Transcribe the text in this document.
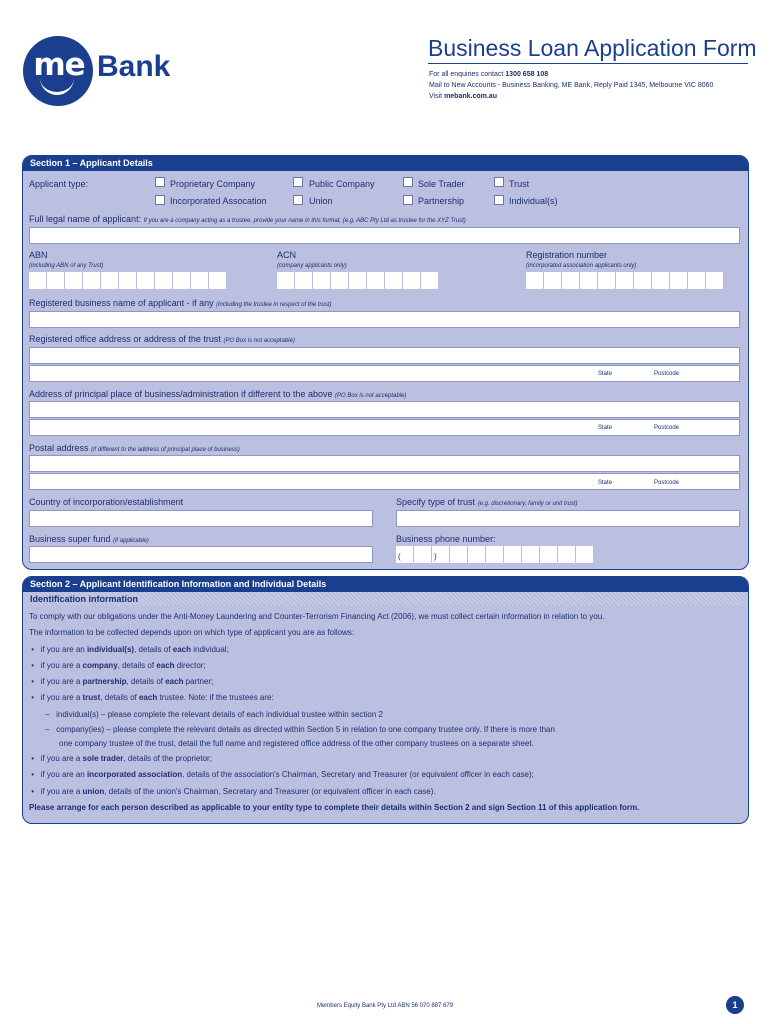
me Bank
Business Loan Application Form
For all enquiries contact 1300 658 108
Mail to New Accounts - Business Banking, ME Bank, Reply Paid 1345, Melbourne VIC 8060
Visit mebank.com.au
Section 1 – Applicant Details
Applicant type:	Proprietary Company	Public Company	Sole Trader	Trust
Incorporated Assocation	Union	Partnership	Individual(s)
Full legal name of applicant: If you are a company acting as a trustee, provide your name in this format, (e.g. ABC Pty Ltd as trustee for the XYZ Trust)
ABN
(including ABN of any Trust)
ACN
(company applicants only)
Registration number
(incorporated association applicants only)
Registered business name of applicant - if any (including the trustee in respect of the trust)
Registered office address or address of the trust (PO Box is not acceptable)
State	Postcode
Address of principal place of business/administration if different to the above (PO Box is not acceptable)
State	Postcode
Postal address (if different to the address of principal place of business)
State	Postcode
Country of incorporation/establishment	Specify type of trust (e.g. discretionary, family or unit trust)
Business super fund (if applicable)	Business phone number:
(	)
Section 2 – Applicant Identification Information and Individual Details
Identification information
To comply with our obligations under the Anti-Money Laundering and Counter-Terrorism Financing Act (2006), we must collect certain information in relation to you.
The information to be collected depends upon on which type of applicant you are as follows:
•   if you are an individual(s), details of each individual;
•   if you are a company, details of each director;
•   if you are a partnership, details of each partner;
•   if you are a trust, details of each trustee. Note: if the trustees are:
–   individual(s) – please complete the relevant details of each individual trustee within section 2
–   company(ies) – please complete the relevant details as directed within Section 5 in relation to one company trustee only. If there is more than
one company trustee of the trust, detail the full name and registered office address of the other company trustees on a separate sheet.
•   if you are a sole trader, details of the proprietor;
•   if you are an incorporated association, details of the association's Chairman, Secretary and Treasurer (or equivalent officer in each case);
•   if you are a union, details of the union's Chairman, Secretary and Treasurer (or equivalent officer in each case).
Please arrange for each person described as applicable to your entity type to complete their details within Section 2 and sign Section 11 of this application form.
Members Equity Bank Pty Ltd ABN 56 070 887 679	1
